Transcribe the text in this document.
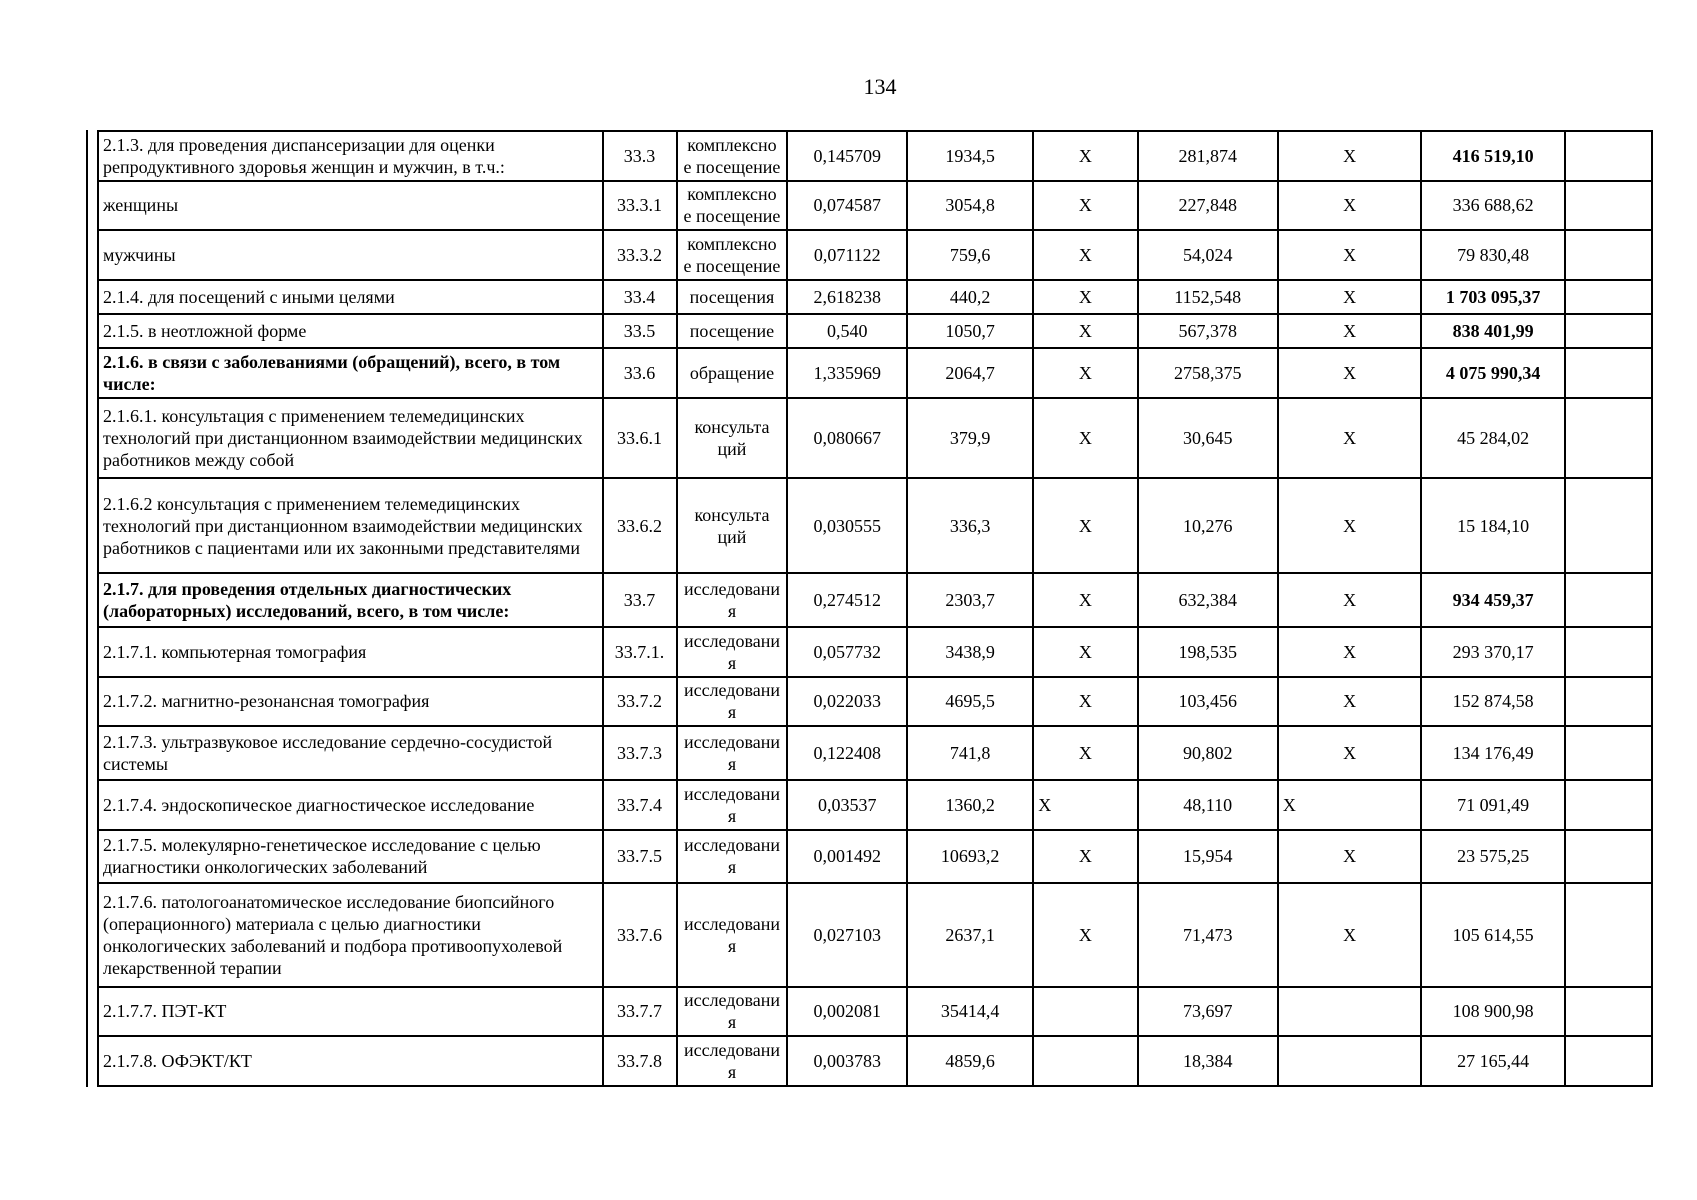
134
2.1.3. для проведения диспансеризации для оценки репродуктивного здоровья женщин и мужчин, в т.ч.:	33.3	комплексно е посещение	0,145709	1934,5	Х	281,874	Х	416 519,10	
женщины	33.3.1	комплексно е посещение	0,074587	3054,8	Х	227,848	Х	336 688,62	
мужчины	33.3.2	комплексно е посещение	0,071122	759,6	Х	54,024	Х	79 830,48	
2.1.4. для посещений с иными целями	33.4	посещения	2,618238	440,2	Х	1152,548	Х	1 703 095,37	
2.1.5. в неотложной форме	33.5	посещение	0,540	1050,7	Х	567,378	Х	838 401,99	
2.1.6. в связи с заболеваниями (обращений), всего, в том числе:	33.6	обращение	1,335969	2064,7	Х	2758,375	Х	4 075 990,34	
2.1.6.1. консультация с применением телемедицинских технологий при дистанционном взаимодействии медицинских работников между собой	33.6.1	консульта ций	0,080667	379,9	Х	30,645	Х	45 284,02	
2.1.6.2 консультация с применением телемедицинских технологий при дистанционном взаимодействии медицинских работников с пациентами или их законными представителями	33.6.2	консульта ций	0,030555	336,3	Х	10,276	Х	15 184,10	
2.1.7. для проведения отдельных диагностических (лабораторных) исследований, всего, в том числе:	33.7	исследовани я	0,274512	2303,7	Х	632,384	Х	934 459,37	
2.1.7.1. компьютерная томография	33.7.1.	исследовани я	0,057732	3438,9	Х	198,535	Х	293 370,17	
2.1.7.2. магнитно-резонансная томография	33.7.2	исследовани я	0,022033	4695,5	Х	103,456	Х	152 874,58	
2.1.7.3. ультразвуковое исследование сердечно-сосудистой системы	33.7.3	исследовани я	0,122408	741,8	Х	90,802	Х	134 176,49	
2.1.7.4. эндоскопическое диагностическое исследование	33.7.4	исследовани я	0,03537	1360,2	Х	48,110	Х	71 091,49	
2.1.7.5. молекулярно-генетическое исследование с целью диагностики онкологических заболеваний	33.7.5	исследовани я	0,001492	10693,2	Х	15,954	Х	23 575,25	
2.1.7.6. патологоанатомическое исследование биопсийного (операционного) материала с целью диагностики онкологических заболеваний и подбора противоопухолевой лекарственной терапии	33.7.6	исследовани я	0,027103	2637,1	Х	71,473	Х	105 614,55	
2.1.7.7. ПЭТ-КТ	33.7.7	исследовани я	0,002081	35414,4		73,697		108 900,98	
2.1.7.8. ОФЭКТ/КТ	33.7.8	исследовани я	0,003783	4859,6		18,384		27 165,44	
